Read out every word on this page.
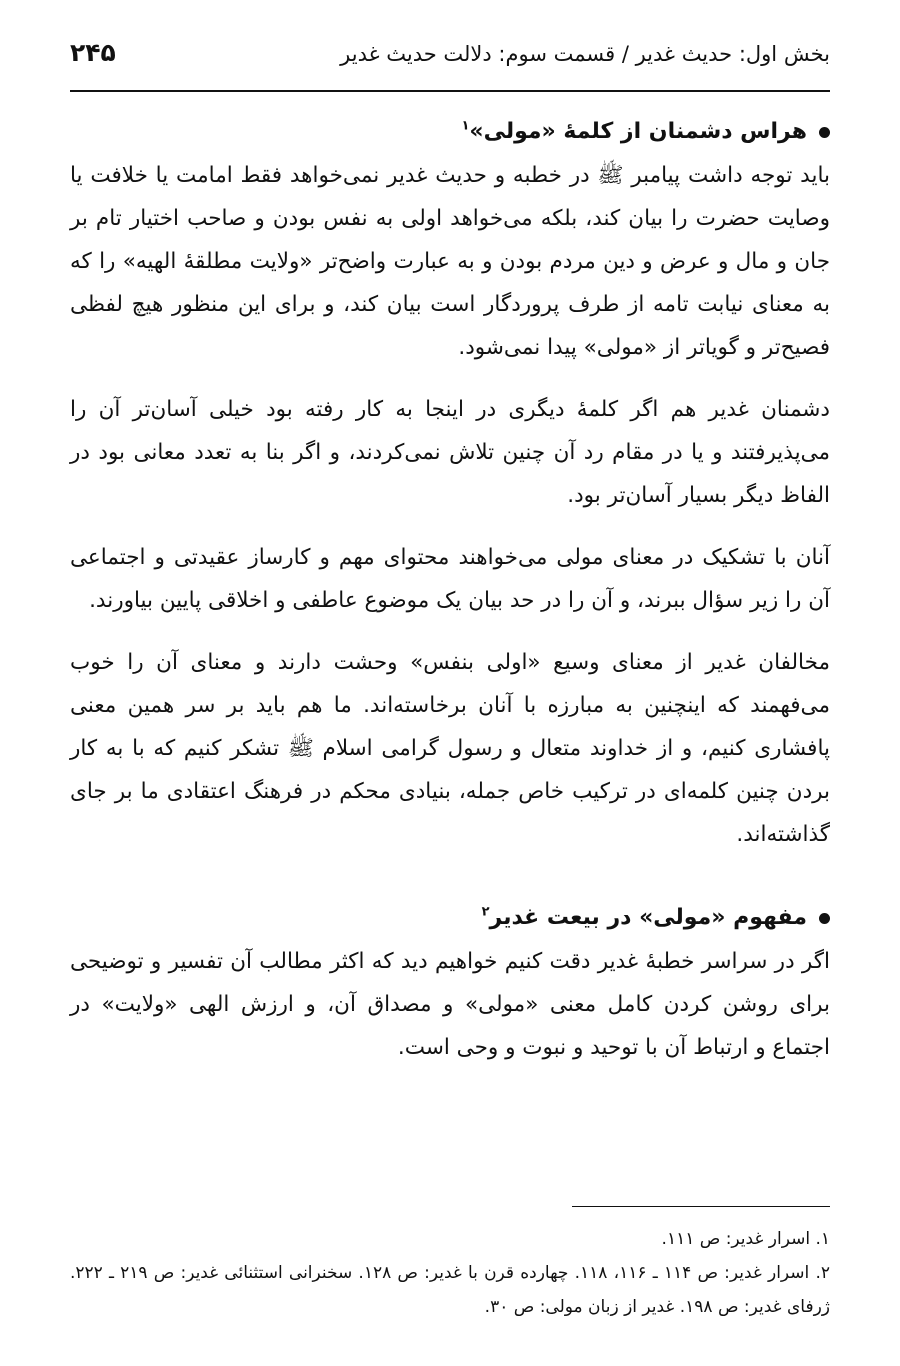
بخش اول: حدیث غدیر / قسمت سوم: دلالت حدیث غدیر
۲۴۵
هراس دشمنان از کلمهٔ «مولی»$^۱$

باید توجه داشت پیامبر ﷺ در خطبه و حدیث غدیر نمی‌خواهد فقط امامت یا خلافت یا وصایت حضرت را بیان کند، بلکه می‌خواهد اولی به نفس بودن و صاحب اختیار تام بر جان و مال و عرض و دین مردم بودن و به عبارت واضح‌تر «ولایت مطلقهٔ الهیه» را که به معنای نیابت تامه از طرف پروردگار است بیان کند، و برای این منظور هیچ لفظی فصیح‌تر و گویاتر از «مولی» پیدا نمی‌شود.

دشمنان غدیر هم اگر کلمهٔ دیگری در اینجا به کار رفته بود خیلی آسان‌تر آن را می‌پذیرفتند و یا در مقام رد آن چنین تلاش نمی‌کردند، و اگر بنا به تعدد معانی بود در الفاظ دیگر بسیار آسان‌تر بود.

آنان با تشکیک در معنای مولی می‌خواهند محتوای مهم و کارساز عقیدتی و اجتماعی آن را زیر سؤال ببرند، و آن را در حد بیان یک موضوع عاطفی و اخلاقی پایین بیاورند.

مخالفان غدیر از معنای وسیع «اولی بنفس» وحشت دارند و معنای آن را خوب می‌فهمند که اینچنین به مبارزه با آنان برخاسته‌اند. ما هم باید بر سر همین معنی پافشاری کنیم، و از خداوند متعال و رسول گرامی اسلام ﷺ تشکر کنیم که با به کار بردن چنین کلمه‌ای در ترکیب خاص جمله، بنیادی محکم در فرهنگ اعتقادی ما بر جای گذاشته‌اند.

مفهوم «مولی» در بیعت غدیر$^۲$

اگر در سراسر خطبهٔ غدیر دقت کنیم خواهیم دید که اکثر مطالب آن تفسیر و توضیحی برای روشن کردن کامل معنی «مولی» و مصداق آن، و ارزش الهی «ولایت» در اجتماع و ارتباط آن با توحید و نبوت و وحی است.

۱. اسرار غدیر: ص ۱۱۱.

۲. اسرار غدیر: ص ۱۱۴ ـ ۱۱۶، ۱۱۸. چهارده قرن با غدیر: ص ۱۲۸. سخنرانی استثنائی غدیر: ص ۲۱۹ ـ ۲۲۲. ژرفای غدیر: ص ۱۹۸. غدیر از زبان مولی: ص ۳۰.
